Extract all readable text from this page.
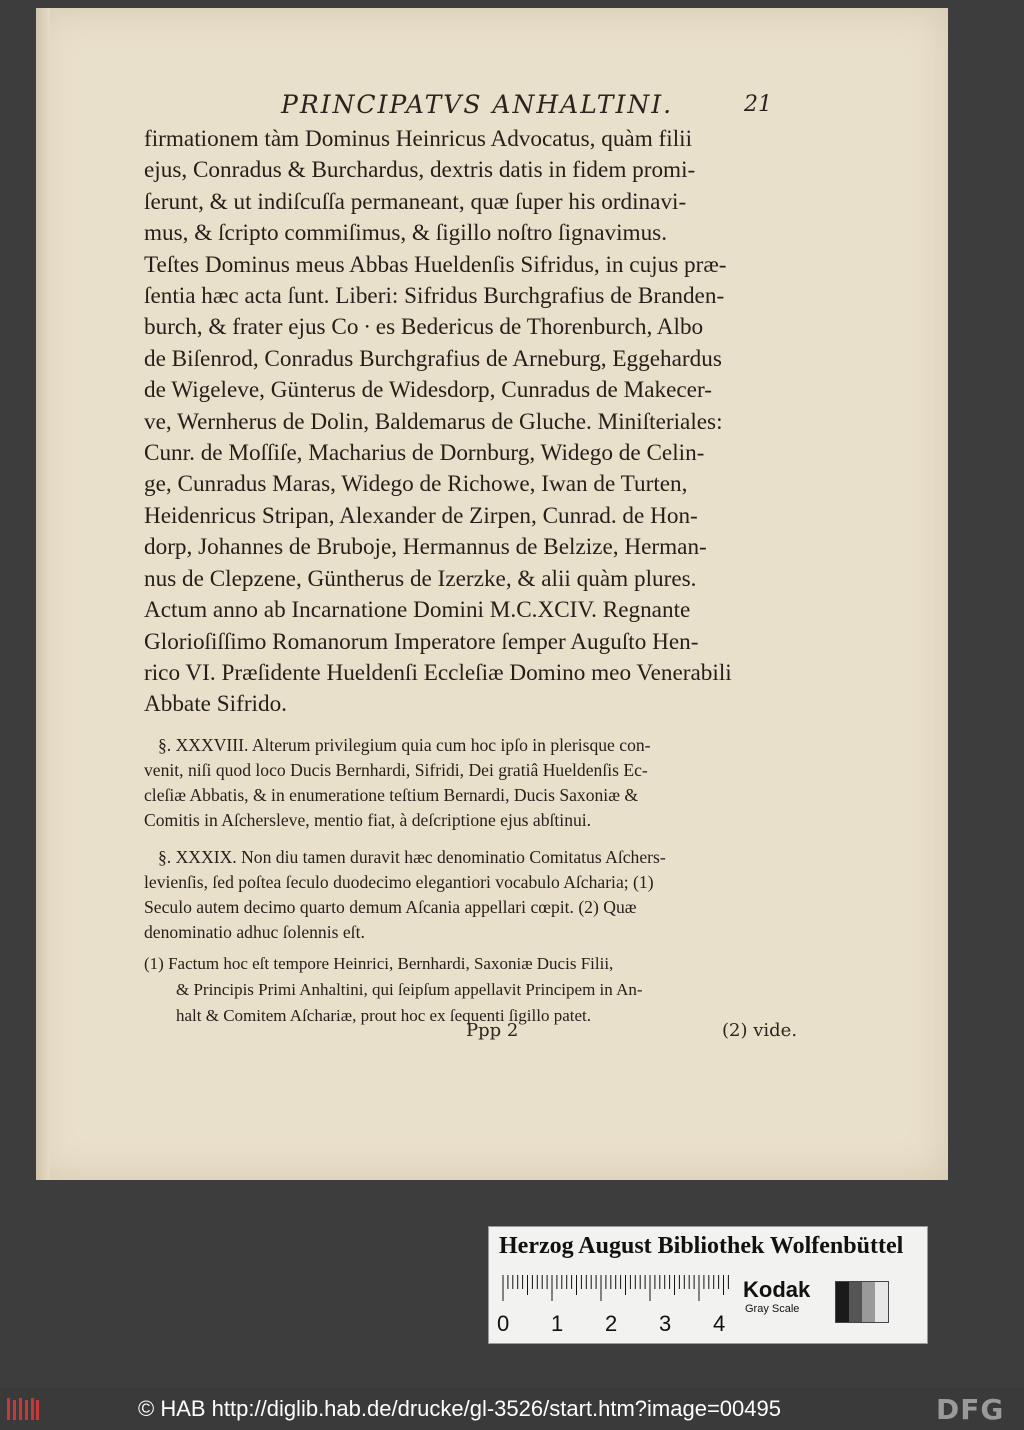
PRINCIPATVS ANHALTINI.	21

firmationem tàm Dominus Heinricus Advocatus, quàm filii

ejus, Conradus & Burchardus, dextris datis in fidem promi-

ſerunt, & ut indiſcuſſa permaneant, quæ ſuper his ordinavi-

mus, & ſcripto commiſimus, & ſigillo noſtro ſignavimus.

Teſtes Dominus meus Abbas Hueldenſis Sifridus, in cujus præ-

ſentia hæc acta ſunt. Liberi: Sifridus Burchgrafius de Branden-

burch, & frater ejus Co ∙ es Bedericus de Thorenburch, Albo

de Biſenrod, Conradus Burchgrafius de Arneburg, Eggehardus

de Wigeleve, Günterus de Widesdorp, Cunradus de Makecer-

ve, Wernherus de Dolin, Baldemarus de Gluche. Miniſteriales:

Cunr. de Moſſiſe, Macharius de Dornburg, Widego de Celin-

ge, Cunradus Maras, Widego de Richowe, Iwan de Turten,

Heidenricus Stripan, Alexander de Zirpen, Cunrad. de Hon-

dorp, Johannes de Bruboje, Hermannus de Belzize, Herman-

nus de Clepzene, Güntherus de Izerzke, & alii quàm plures.

Actum anno ab Incarnatione Domini M.C.XCIV. Regnante

Glorioſiſſimo Romanorum Imperatore ſemper Auguſto Hen-

rico VI. Præſidente Hueldenſi Eccleſiæ Domino meo Venerabili

Abbate Sifrido.

§. XXXVIII. Alterum privilegium quia cum hoc ipſo in plerisque con-

venit, niſi quod loco Ducis Bernhardi, Sifridi, Dei gratiâ Hueldenſis Ec-

cleſiæ Abbatis, & in enumeratione teſtium Bernardi, Ducis Saxoniæ &

Comitis in Aſchersleve, mentio fiat, à deſcriptione ejus abſtinui.

§. XXXIX. Non diu tamen duravit hæc denominatio Comitatus Aſchers-

levienſis, ſed poſtea ſeculo duodecimo elegantiori vocabulo Aſcharia; (1)

Seculo autem decimo quarto demum Aſcania appellari cœpit. (2) Quæ

denominatio adhuc ſolennis eſt.

(1) Factum hoc eſt tempore Heinrici, Bernhardi, Saxoniæ Ducis Filii,

& Principis Primi Anhaltini, qui ſeipſum appellavit Principem in An-

halt & Comitem Aſchariæ, prout hoc ex ſequenti ſigillo patet.

Ppp 2	(2) vide.
Herzog August Bibliothek Wolfenbüttel
0 1 2 3 4
Kodak
Gray Scale
© HAB http://diglib.hab.de/drucke/gl-3526/start.htm?image=00495	DFG
